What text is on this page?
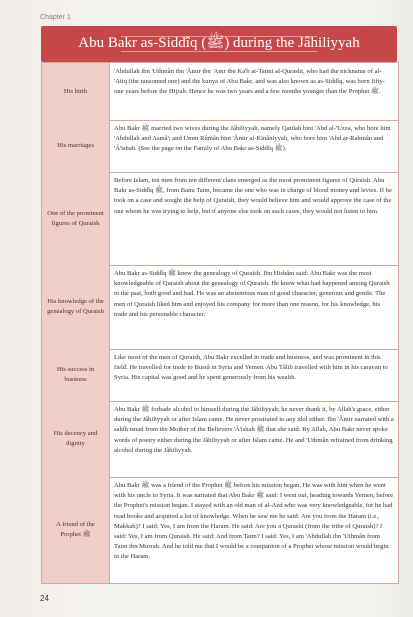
Chapter 1
Abu Bakr as-Siddîq (ﷺ) during the Jâhiliyyah
His birth
'Abdullah ibn 'Uthmân ibn 'Âmir ibn 'Amr ibn Ka'b at-Taimi al-Qurashi, who had the nickname of al-'Atiq (the ransomed one) and the kunya of Abu Bakr, and was also known as as-Siddîq, was born fifty-one years before the Hijrah. Hence he was two years and a few months younger than the Prophet ﷺ.
His marriages
Abu Bakr ﷺ married two wives during the Jâhiliyyah, namely Qatilah bint 'Abd al-'Uzza, who bore him 'Abdullah and Asmâ'; and Umm Rûmân bint 'Âmir al-Kinâniyyah, who bore him 'Abd ar-Rahmân and 'Â'ishah. (See the page on the Family of Abu Bakr as-Siddîq ﷺ).
One of the prominent figures of Quraish
Before Islam, ten men from ten different clans emerged as the most prominent figures of Quraish. Abu Bakr as-Siddîq ﷺ, from Banu Taim, became the one who was in charge of blood money and levies. If he took on a case and sought the help of Quraish, they would believe him and would approve the case of the one whom he was trying to help, but if anyone else took on such cases, they would not listen to him.
His knowledge of the genealogy of Quraish
Abu Bakr as-Siddîq ﷺ knew the genealogy of Quraish. Ibn Hishâm said: Abu Bakr was the most knowledgeable of Quraish about the genealogy of Quraish. He knew what had happened among Quraish in the past, both good and bad. He was an abstemious man of good character, generous and gentle. The men of Quraish liked him and enjoyed his company for more than one reason, for his knowledge, his trade and his personable character.
His success in business
Like most of the men of Quraish, Abu Bakr excelled in trade and business, and was prominent in this field. He travelled for trade to Busrâ in Syria and Yemen. Abu Tâlib travelled with him in his caravan to Syria. His capital was good and he spent generously from his wealth.
His decency and dignity
Abu Bakr ﷺ forbade alcohol to himself during the Jâhiliyyah; he never drank it, by Allah's grace, either during the Jâhiliyyah or after Islam came. He never prostrated to any idol either. Ibn 'Âmir narrated with a sahîh isnad from the Mother of the Believers 'Â'ishah ﷺ that she said: By Allah, Abu Bakr never spoke words of poetry either during the Jâhiliyyah or after Islam came. He and 'Uthmân refrained from drinking alcohol during the Jâhiliyyah.
A friend of the Prophet ﷺ
Abu Bakr ﷺ was a friend of the Prophet ﷺ before his mission began. He was with him when he went with his uncle to Syria. It was narrated that Abu Bakr ﷺ said: I went out, heading towards Yemen, before the Prophet's mission began. I stayed with an old man of al-Azd who was very knowledgeable, for he had read books and acquired a lot of knowledge. When he saw me he said: Are you from the Haram (i.e., Makkah)? I said: Yes, I am from the Haram. He said: Are you a Qurashi (from the tribe of Quraish)? I said: Yes, I am from Quraish. He said: And from Taim? I said: Yes, I am 'Abdullah ibn 'Uthmân from Taim ibn Murrah. And he told me that I would be a companion of a Prophet whose mission would begin in the Haram.
24
